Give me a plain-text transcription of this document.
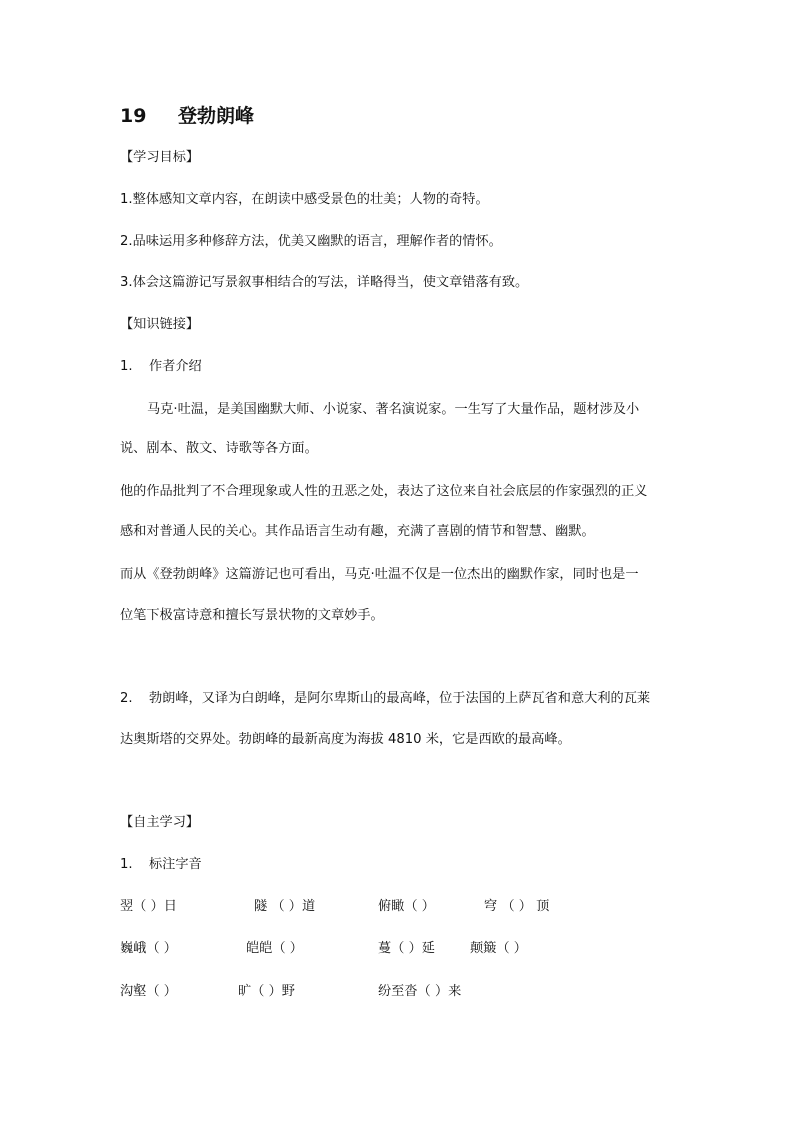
19 登勃朗峰
【学习目标】
1.整体感知文章内容，在朗读中感受景色的壮美；人物的奇特。
2.品味运用多种修辞方法，优美又幽默的语言，理解作者的情怀。
3.体会这篇游记写景叙事相结合的写法，详略得当，使文章错落有致。
【知识链接】
1. 作者介绍
马克·吐温，是美国幽默大师、小说家、著名演说家。一生写了大量作品，题材涉及小
说、剧本、散文、诗歌等各方面。
他的作品批判了不合理现象或人性的丑恶之处，表达了这位来自社会底层的作家强烈的正义
感和对普通人民的关心。其作品语言生动有趣，充满了喜剧的情节和智慧、幽默。
而从《登勃朗峰》这篇游记也可看出，马克·吐温不仅是一位杰出的幽默作家，同时也是一
位笔下极富诗意和擅长写景状物的文章妙手。
2. 勃朗峰，又译为白朗峰，是阿尔卑斯山的最高峰，位于法国的上萨瓦省和意大利的瓦莱
达奥斯塔的交界处。勃朗峰的最新高度为海拔 4810 米，它是西欧的最高峰。
【自主学习】
1. 标注字音
翌（ ）日	隧 （ ）道	俯瞰（ ）	穹 （ ） 顶
巍峨（ ）	皑皑（ ）	蔓（ ）延	颠簸（ ）
沟壑（ ）	旷（ ）野	纷至沓（ ）来
